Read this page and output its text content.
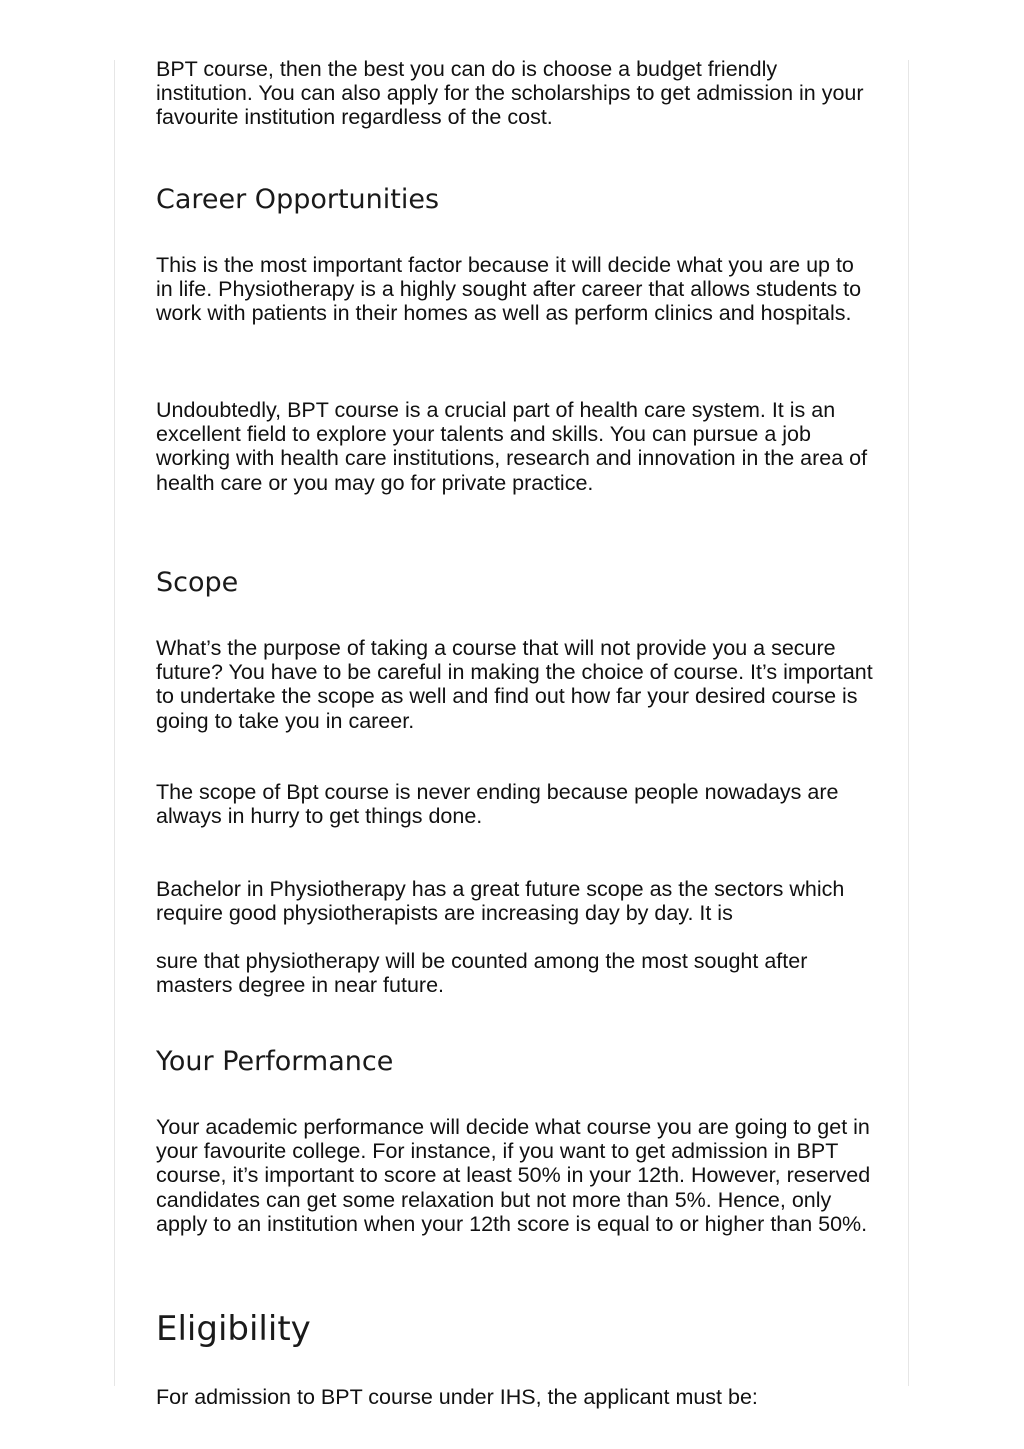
BPT course, then the best you can do is choose a budget friendly institution. You can also apply for the scholarships to get admission in your favourite institution regardless of the cost.

Career Opportunities

This is the most important factor because it will decide what you are up to in life. Physiotherapy is a highly sought after career that allows students to work with patients in their homes as well as perform clinics and hospitals.

Undoubtedly, BPT course is a crucial part of health care system. It is an excellent field to explore your talents and skills. You can pursue a job working with health care institutions, research and innovation in the area of health care or you may go for private practice.

Scope

What’s the purpose of taking a course that will not provide you a secure future? You have to be careful in making the choice of course. It’s important to undertake the scope as well and find out how far your desired course is going to take you in career.

The scope of Bpt course is never ending because people nowadays are always in hurry to get things done.

Bachelor in Physiotherapy has a great future scope as the sectors which require good physiotherapists are increasing day by day. It is

sure that physiotherapy will be counted among the most sought after masters degree in near future.

Your Performance

Your academic performance will decide what course you are going to get in your favourite college. For instance, if you want to get admission in BPT course, it’s important to score at least 50% in your 12th. However, reserved candidates can get some relaxation but not more than 5%. Hence, only apply to an institution when your 12th score is equal to or higher than 50%.

Eligibility

For admission to BPT course under IHS, the applicant must be:
